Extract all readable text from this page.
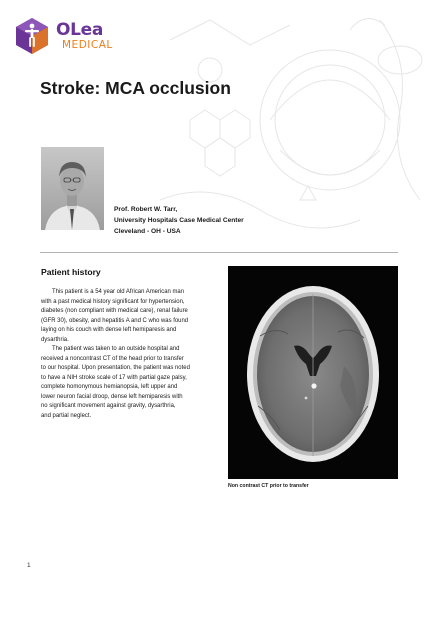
OLea
MEDICAL
Stroke: MCA occlusion
Prof. Robert W. Tarr,
University Hospitals Case Medical Center
Cleveland - OH - USA
Patient history

This patient is a 54 year old African American man
with a past medical history significant for hypertension,
diabetes (non compliant with medical care), renal failure
(GFR 30), obesity, and hepatitis A and C who was found
laying on his couch with dense left hemiparesis and
dysarthria.

The patient was taken to an outside hospital and
received a noncontrast CT of the head prior to transfer
to our hospital. Upon presentation, the patient was noted
to have a NIH stroke scale of 17 with partial gaze palsy,
complete homonymous hemianopsia, left upper and
lower neuron facial droop, dense left hemiparesis with
no significant movement against gravity, dysarthria,
and partial neglect.

Non contrast CT prior to transfer
1
